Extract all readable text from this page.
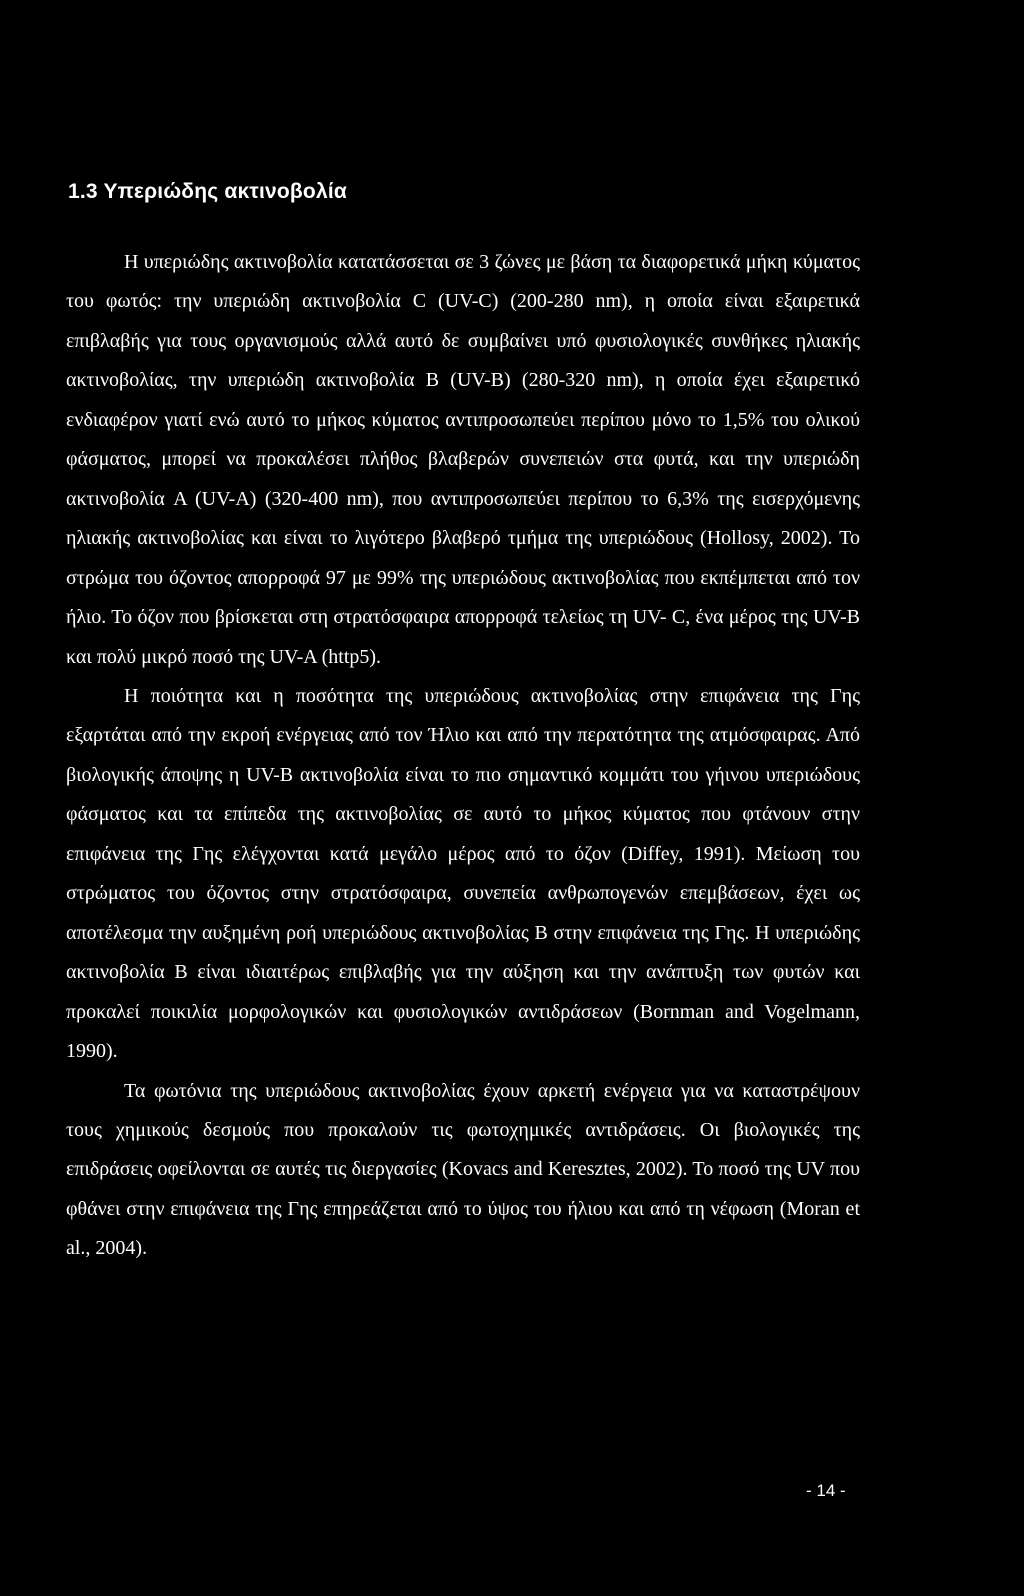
1.3 Υπεριώδης ακτινοβολία

Η υπεριώδης ακτινοβολία κατατάσσεται σε 3 ζώνες με βάση τα διαφορετικά μήκη κύματος του φωτός: την υπεριώδη ακτινοβολία C (UV-C) (200-280 nm), η οποία είναι εξαιρετικά επιβλαβής για τους οργανισμούς αλλά αυτό δε συμβαίνει υπό φυσιολογικές συνθήκες ηλιακής ακτινοβολίας, την υπεριώδη ακτινοβολία B (UV-B) (280-320 nm), η οποία έχει εξαιρετικό ενδιαφέρον γιατί ενώ αυτό το μήκος κύματος αντιπροσωπεύει περίπου μόνο το 1,5% του ολικού φάσματος, μπορεί να προκαλέσει πλήθος βλαβερών συνεπειών στα φυτά, και την υπεριώδη ακτινοβολία A (UV-A) (320-400 nm), που αντιπροσωπεύει περίπου το 6,3% της εισερχόμενης ηλιακής ακτινοβολίας και είναι το λιγότερο βλαβερό τμήμα της υπεριώδους (Hollosy, 2002). Το στρώμα του όζοντος απορροφά 97 με 99% της υπεριώδους ακτινοβολίας που εκπέμπεται από τον ήλιο. Το όζον που βρίσκεται στη στρατόσφαιρα απορροφά τελείως τη UV- C, ένα μέρος της UV-B και πολύ μικρό ποσό της UV-A (http5).

Η ποιότητα και η ποσότητα της υπεριώδους ακτινοβολίας στην επιφάνεια της Γης εξαρτάται από την εκροή ενέργειας από τον Ήλιο και από την περατότητα της ατμόσφαιρας. Από βιολογικής άποψης η UV-B ακτινοβολία είναι το πιο σημαντικό κομμάτι του γήινου υπεριώδους φάσματος και τα επίπεδα της ακτινοβολίας σε αυτό το μήκος κύματος που φτάνουν στην επιφάνεια της Γης ελέγχονται κατά μεγάλο μέρος από το όζον (Diffey, 1991). Μείωση του στρώματος του όζοντος στην στρατόσφαιρα, συνεπεία ανθρωπογενών επεμβάσεων, έχει ως αποτέλεσμα την αυξημένη ροή υπεριώδους ακτινοβολίας B στην επιφάνεια της Γης. Η υπεριώδης ακτινοβολία B είναι ιδιαιτέρως επιβλαβής για την αύξηση και την ανάπτυξη των φυτών και προκαλεί ποικιλία μορφολογικών και φυσιολογικών αντιδράσεων (Bornman and Vogelmann, 1990).

Τα φωτόνια της υπεριώδους ακτινοβολίας έχουν αρκετή ενέργεια για να καταστρέψουν τους χημικούς δεσμούς που προκαλούν τις φωτοχημικές αντιδράσεις. Οι βιολογικές της επιδράσεις οφείλονται σε αυτές τις διεργασίες (Kovacs and Keresztes, 2002). Το ποσό της UV που φθάνει στην επιφάνεια της Γης επηρεάζεται από το ύψος του ήλιου και από τη νέφωση (Moran et al., 2004).

- 14 -
